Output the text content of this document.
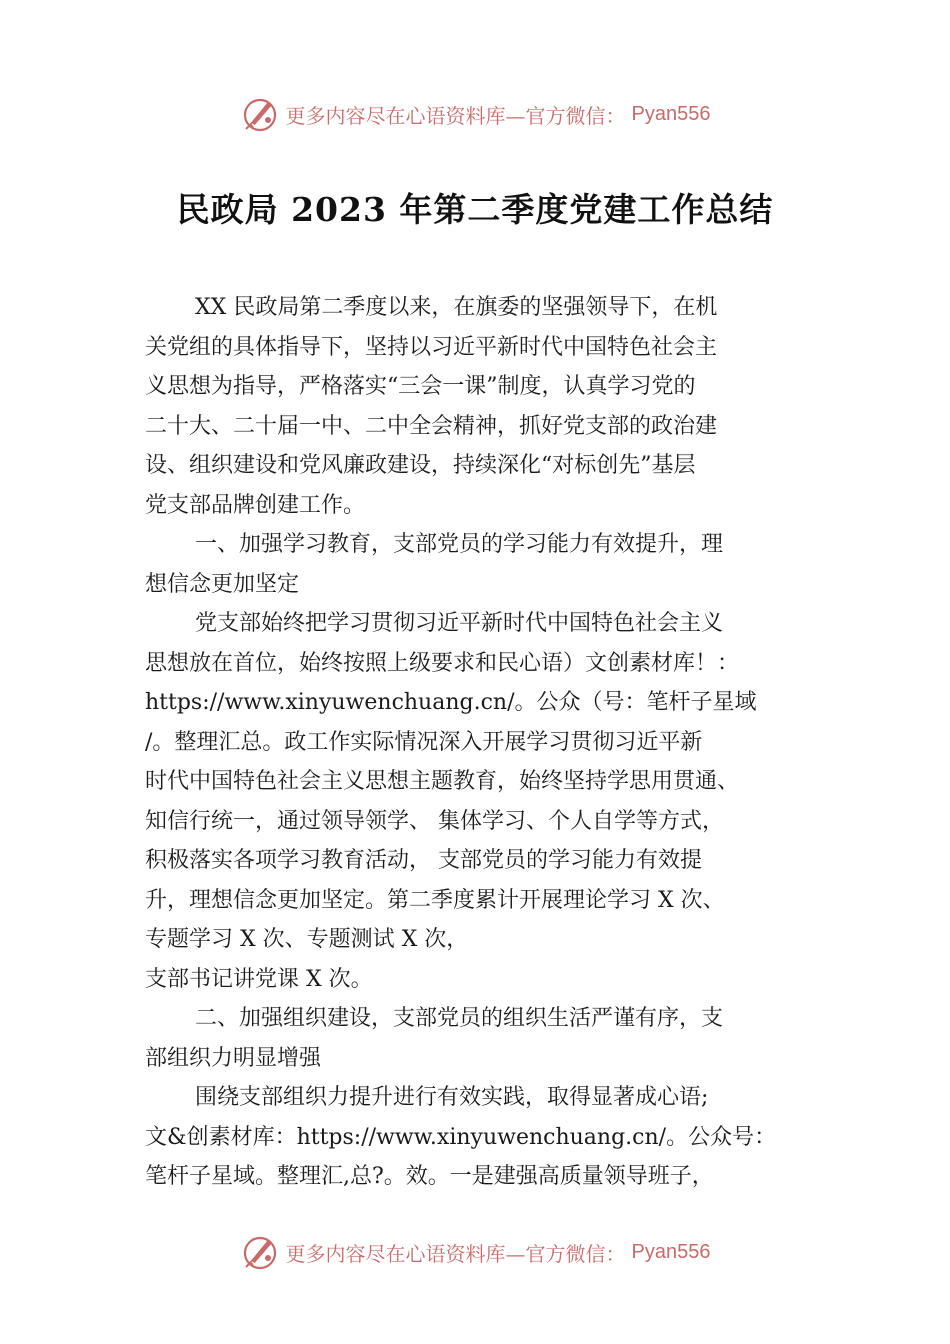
更多内容尽在心语资料库—官方微信： Pyan556
民政局 2023 年第二季度党建工作总结
XX 民政局第二季度以来，在旗委的坚强领导下，在机
关党组的具体指导下，坚持以习近平新时代中国特色社会主
义思想为指导，严格落实“三会一课”制度，认真学习党的
二十大、二十届一中、二中全会精神，抓好党支部的政治建
设、组织建设和党风廉政建设，持续深化“对标创先”基层
党支部品牌创建工作。
一、加强学习教育，支部党员的学习能力有效提升，理
想信念更加坚定
党支部始终把学习贯彻习近平新时代中国特色社会主义
思想放在首位，始终按照上级要求和民心语）文创素材库！：
https://www.xinyuwenchuang.cn/。公众（号：笔杆子星域
/。整理汇总。政工作实际情况深入开展学习贯彻习近平新
时代中国特色社会主义思想主题教育，始终坚持学思用贯通、
知信行统一，通过领导领学、 集体学习、个人自学等方式，
积极落实各项学习教育活动， 支部党员的学习能力有效提
升，理想信念更加坚定。第二季度累计开展理论学习 X 次、
专题学习 X 次、专题测试 X 次，
支部书记讲党课 X 次。
二、加强组织建设，支部党员的组织生活严谨有序，支
部组织力明显增强
围绕支部组织力提升进行有效实践，取得显著成心语;
文&创素材库：https://www.xinyuwenchuang.cn/。公众号：
笔杆子星域。整理汇,总?。效。一是建强高质量领导班子，
更多内容尽在心语资料库—官方微信： Pyan556
